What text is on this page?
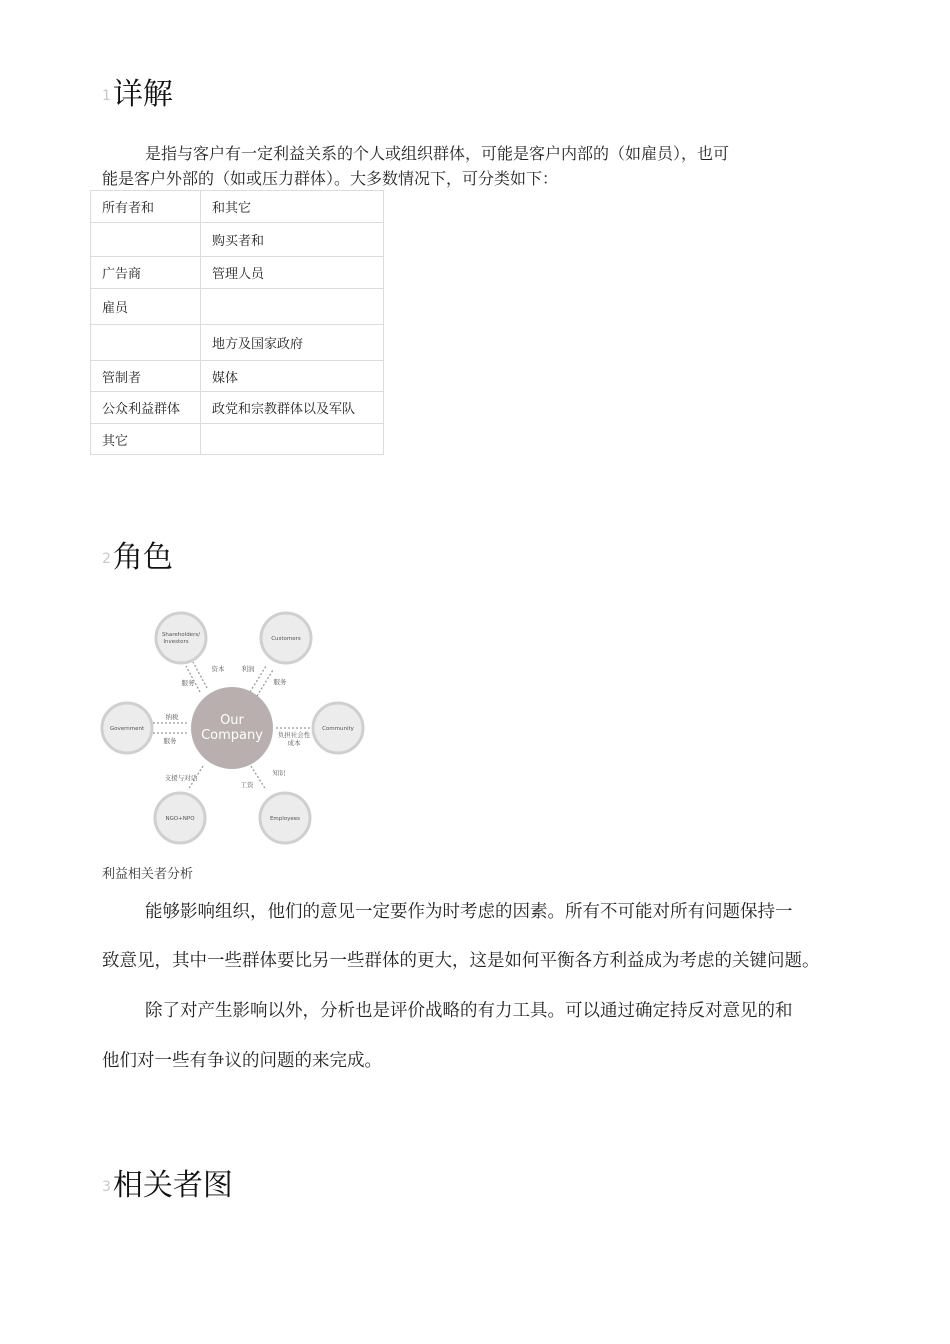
1 详解
是指与客户有一定利益关系的个人或组织群体，可能是客户内部的（如雇员），也可
能是客户外部的（如或压力群体）。大多数情况下，可分类如下：
所有者和	和其它
	购买者和
广告商	管理人员
雇员	
	地方及国家政府
管制者	媒体
公众利益群体	政党和宗教群体以及军队
其它	
2 角色
Our
Company
Shareholders/
Investors	Customers
Government	Community
NGO+NPO	Employees
资本	利润
服务	服务
纳税
服务
负担社会性
成本
支援与对话
知识
工资
利益相关者分析
能够影响组织，他们的意见一定要作为时考虑的因素。所有不可能对所有问题保持一
致意见，其中一些群体要比另一些群体的更大，这是如何平衡各方利益成为考虑的关键问题。
除了对产生影响以外，分析也是评价战略的有力工具。可以通过确定持反对意见的和
他们对一些有争议的问题的来完成。
3 相关者图
